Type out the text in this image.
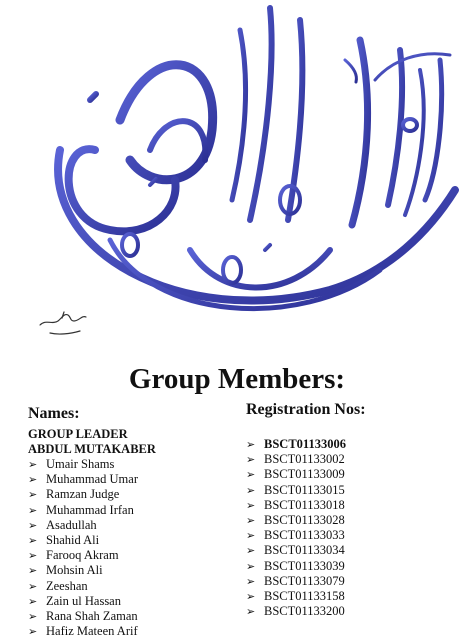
Group Members:
Names:	Registration Nos:
GROUP LEADER
ABDUL MUTAKABER
➢ Umair Shams
➢ Muhammad Umar
➢ Ramzan Judge
➢ Muhammad Irfan
➢ Asadullah
➢ Shahid Ali
➢ Farooq Akram
➢ Mohsin Ali
➢ Zeeshan
➢ Zain ul Hassan
➢ Rana Shah Zaman
➢ Hafiz Mateen Arif
➢ BSCT01133006
➢ BSCT01133002
➢ BSCT01133009
➢ BSCT01133015
➢ BSCT01133018
➢ BSCT01133028
➢ BSCT01133033
➢ BSCT01133034
➢ BSCT01133039
➢ BSCT01133079
➢ BSCT01133158
➢ BSCT01133200
